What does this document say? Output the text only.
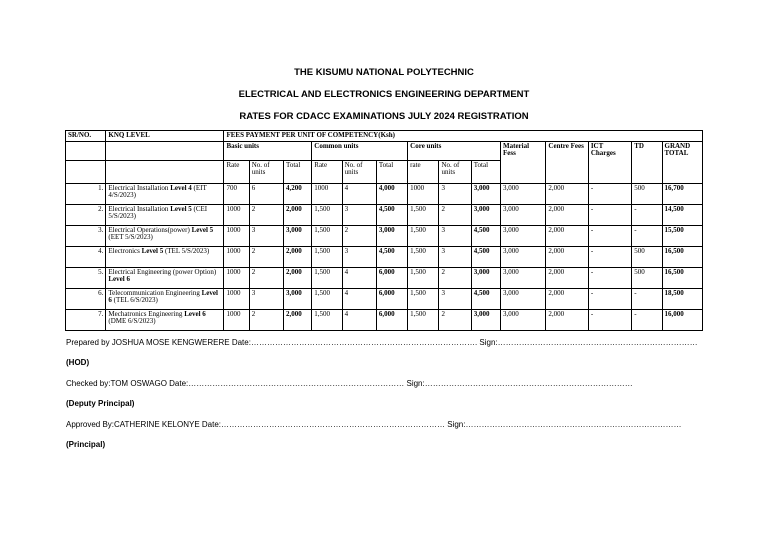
THE KISUMU NATIONAL POLYTECHNIC
ELECTRICAL AND ELECTRONICS ENGINEERING DEPARTMENT
RATES FOR CDACC EXAMINATIONS JULY 2024 REGISTRATION
SR/NO.	KNQ LEVEL	FEES PAYMENT PER UNIT OF COMPETENCY(Ksh)													
		Basic units			Common units			Core units			Material Fess	Centre Fees	ICT Charges	TD	GRAND TOTAL
		Rate	No. of units	Total	Rate	No. of units	Total	rate	No. of units	Total					
1.	Electrical Installation Level 4 (EIT 4/S/2023)	700	6	4,200	1000	4	4,000	1000	3	3,000	3,000	2,000	-	500	16,700
2.	Electrical Installation Level 5 (CEI 5/S/2023)	1000	2	2,000	1,500	3	4,500	1,500	2	3,000	3,000	2,000	-	-	14,500
3.	Electrical Operations(power) Level 5 (EET 5/S/2023)	1000	3	3,000	1,500	2	3,000	1,500	3	4,500	3,000	2,000	-	-	15,500
4.	Electronics Level 5 (TEL 5/S/2023)	1000	2	2,000	1,500	3	4,500	1,500	3	4,500	3,000	2,000	-	500	16,500
5.	Electrical Engineering (power Option) Level 6	1000	2	2,000	1,500	4	6,000	1,500	2	3,000	3,000	2,000	-	500	16,500
6.	Telecommunication Engineering Level 6 (TEL 6/S/2023)	1000	3	3,000	1,500	4	6,000	1,500	3	4,500	3,000	2,000	-	-	18,500
7.	Mechatronics Engineering Level 6 (DME 6/S/2023)	1000	2	2,000	1,500	4	6,000	1,500	2	3,000	3,000	2,000	-	-	16,000
Prepared by JOSHUA MOSE KENGWERERE Date:…………………………………………………………………………. Sign:…………………………………………………………………
(HOD)
Checked by:TOM OSWAGO Date:……………………………………………………………………… Sign:……………………………………………………………………
(Deputy Principal)
Approved By:CATHERINE KELONYE Date:………………………………………………………………………… Sign:………………………………………………………………………
(Principal)
